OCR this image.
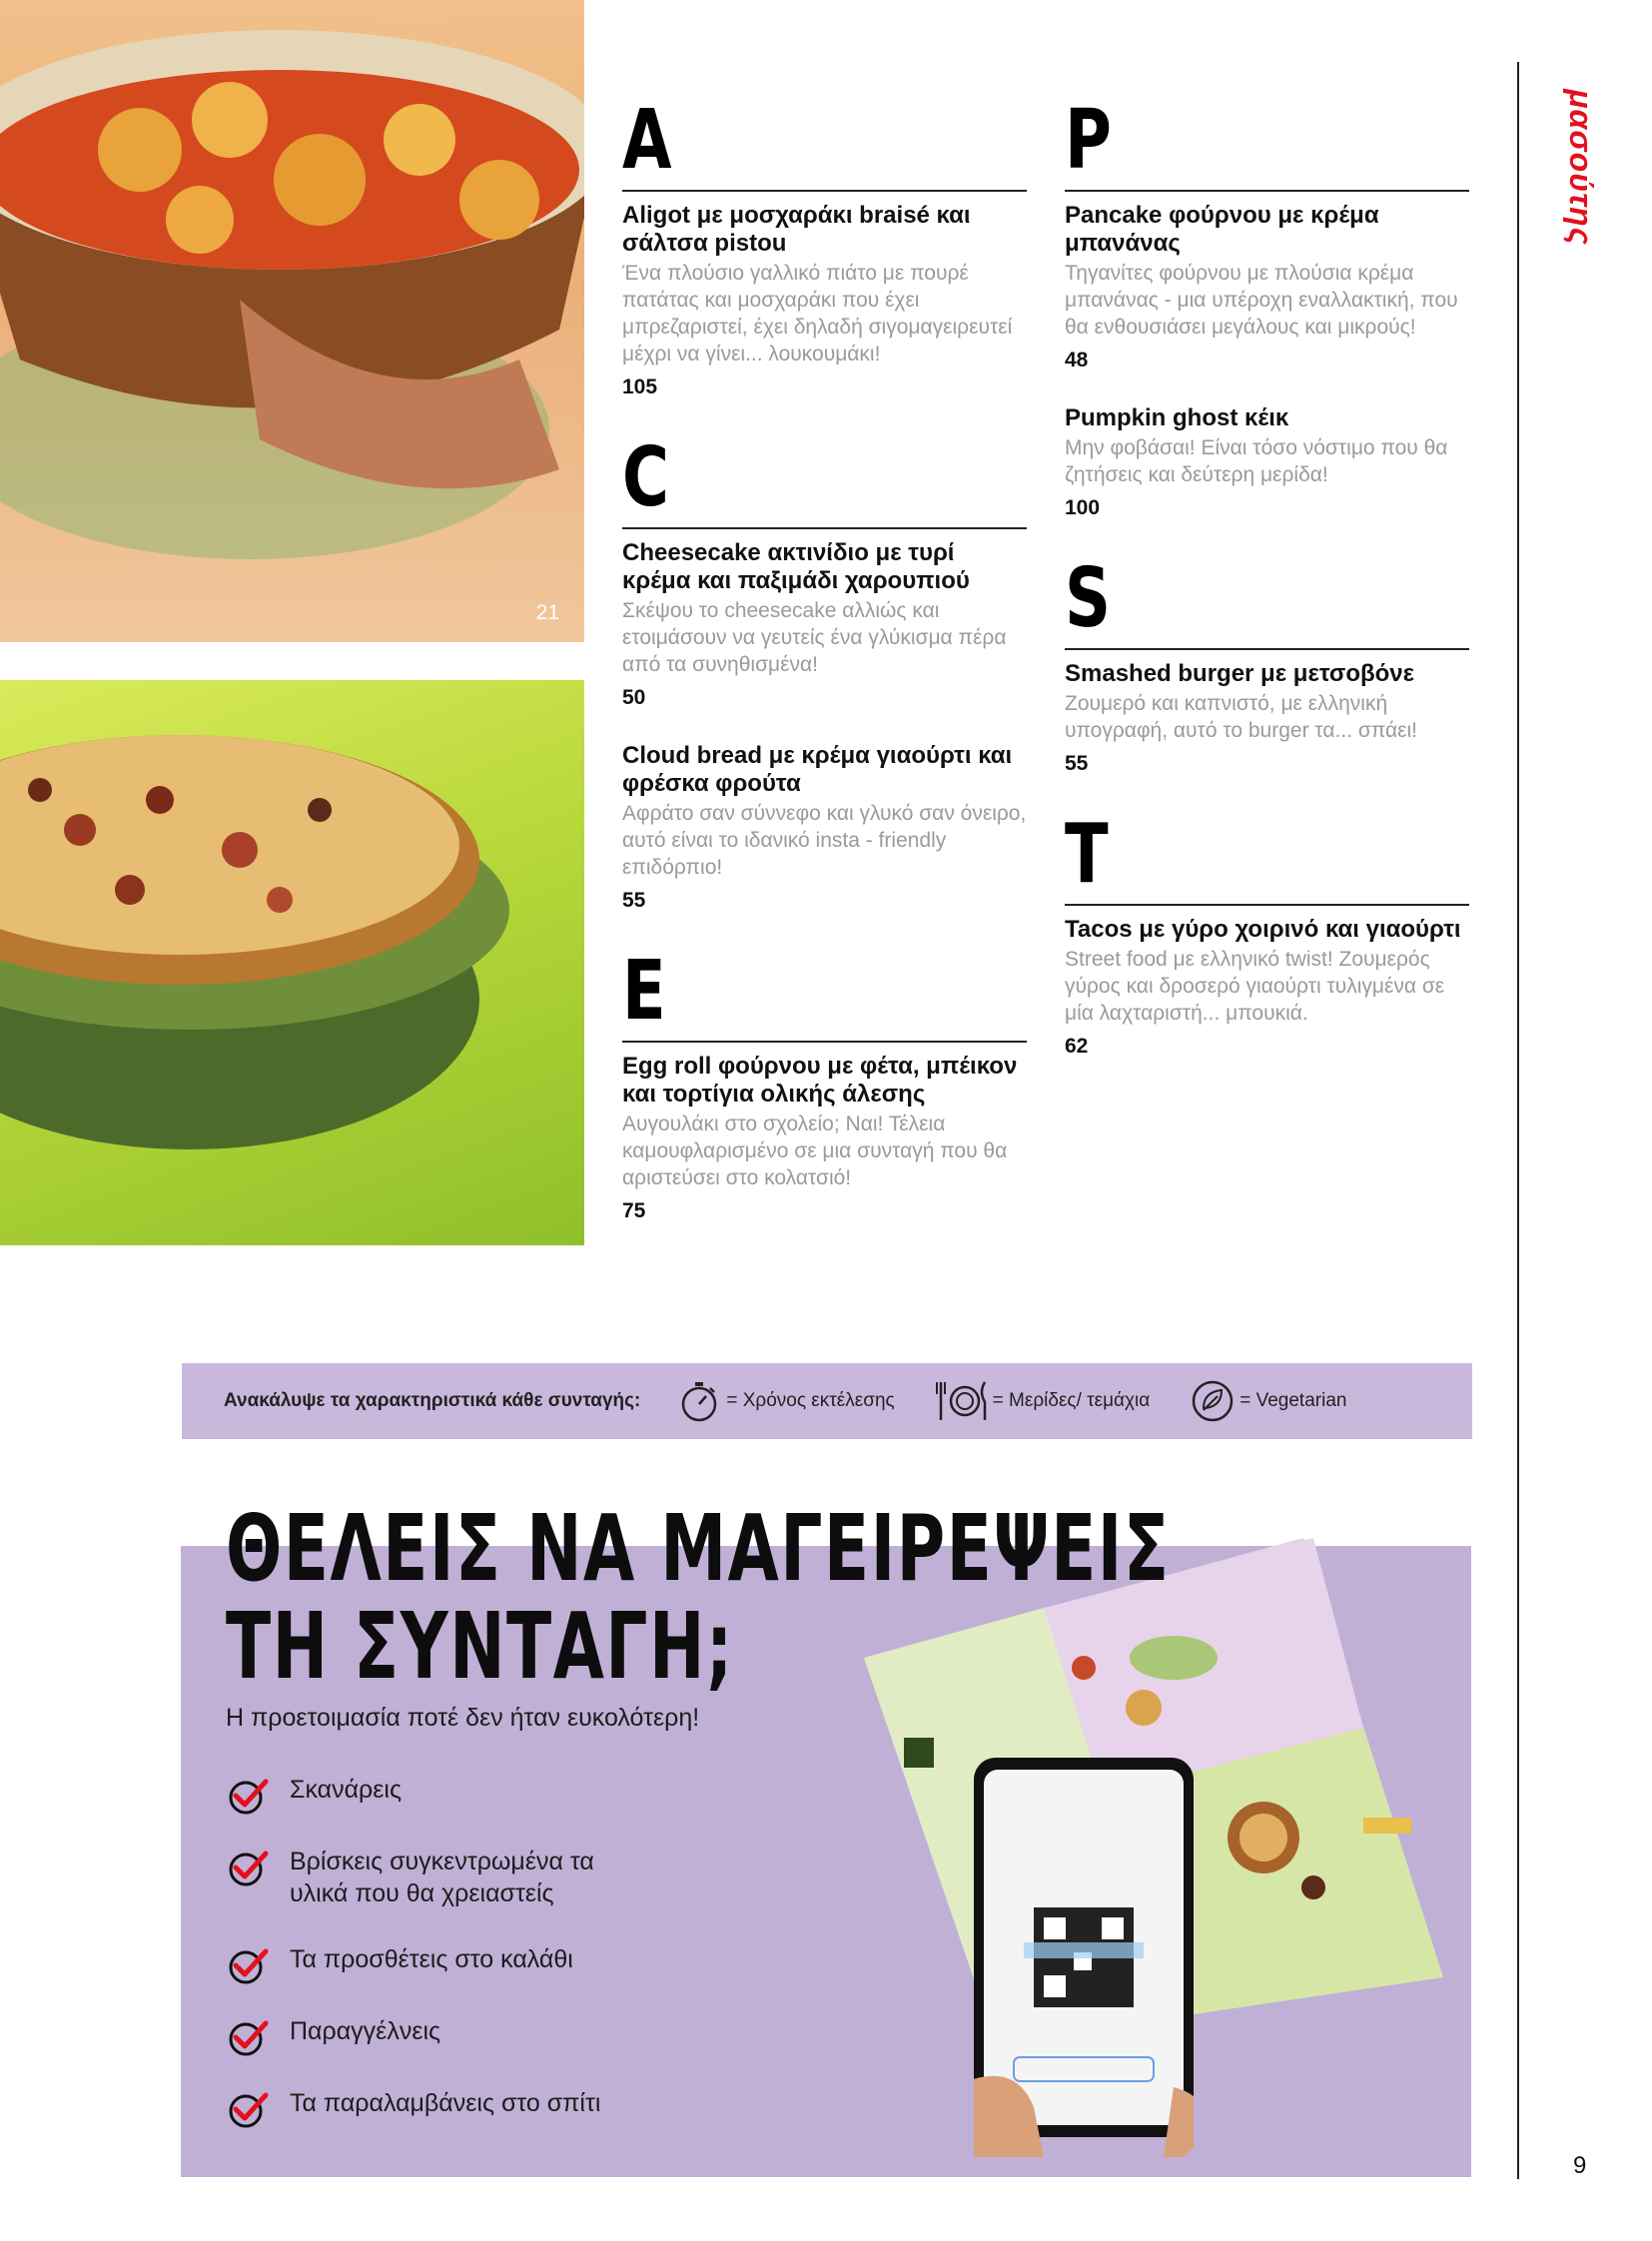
21
A
Aligot με μοσχαράκι braisé και σάλτσα pistou
Ένα πλούσιο γαλλικό πιάτο με πουρέ πατάτας και μοσχαράκι που έχει μπρεζαριστεί, έχει δηλαδή σιγομαγειρευτεί μέχρι να γίνει... λουκουμάκι!
105
C
Cheesecake ακτινίδιο με τυρί κρέμα και παξιμάδι χαρουπιού
Σκέψου το cheesecake αλλιώς και ετοιμάσουν να γευτείς ένα γλύκισμα πέρα από τα συνηθισμένα!
50
Cloud bread με κρέμα γιαούρτι και φρέσκα φρούτα
Αφράτο σαν σύννεφο και γλυκό σαν όνειρο, αυτό είναι το ιδανικό insta - friendly επιδόρπιο!
55
E
Egg roll φούρνου με φέτα, μπέικον και τορτίγια ολικής άλεσης
Αυγουλάκι στο σχολείο; Ναι! Τέλεια καμουφλαρισμένο σε μια συνταγή που θα αριστεύσει στο κολατσιό!
75
P
Pancake φούρνου με κρέμα μπανάνας
Τηγανίτες φούρνου με πλούσια κρέμα μπανάνας - μια υπέροχη εναλλακτική, που θα ενθουσιάσει μεγάλους και μικρούς!
48
Pumpkin ghost κέικ
Μην φοβάσαι! Είναι τόσο νόστιμο που θα ζητήσεις και δεύτερη μερίδα!
100
S
Smashed burger με μετσοβόνε
Ζουμερό και καπνιστό, με ελληνική υπογραφή, αυτό το burger τα... σπάει!
55
T
Tacos με γύρο χοιρινό και γιαούρτι
Street food με ελληνικό twist! Ζουμερός γύρος και δροσερό γιαούρτι τυλιγμένα σε μία λαχταριστή... μπουκιά.
62
μασούτης
9
Ανακάλυψε τα χαρακτηριστικά κάθε συνταγής:	= Χρόνος εκτέλεσης	= Μερίδες/ τεμάχια	= Vegetarian
ΘΕΛΕΙΣ ΝΑ ΜΑΓΕΙΡΕΨΕΙΣ
ΤΗ ΣΥΝΤΑΓΗ;
Η προετοιμασία ποτέ δεν ήταν ευκολότερη!
Σκανάρεις
Βρίσκεις συγκεντρωμένα τα υλικά που θα χρειαστείς
Τα προσθέτεις στο καλάθι
Παραγγέλνεις
Τα παραλαμβάνεις στο σπίτι
